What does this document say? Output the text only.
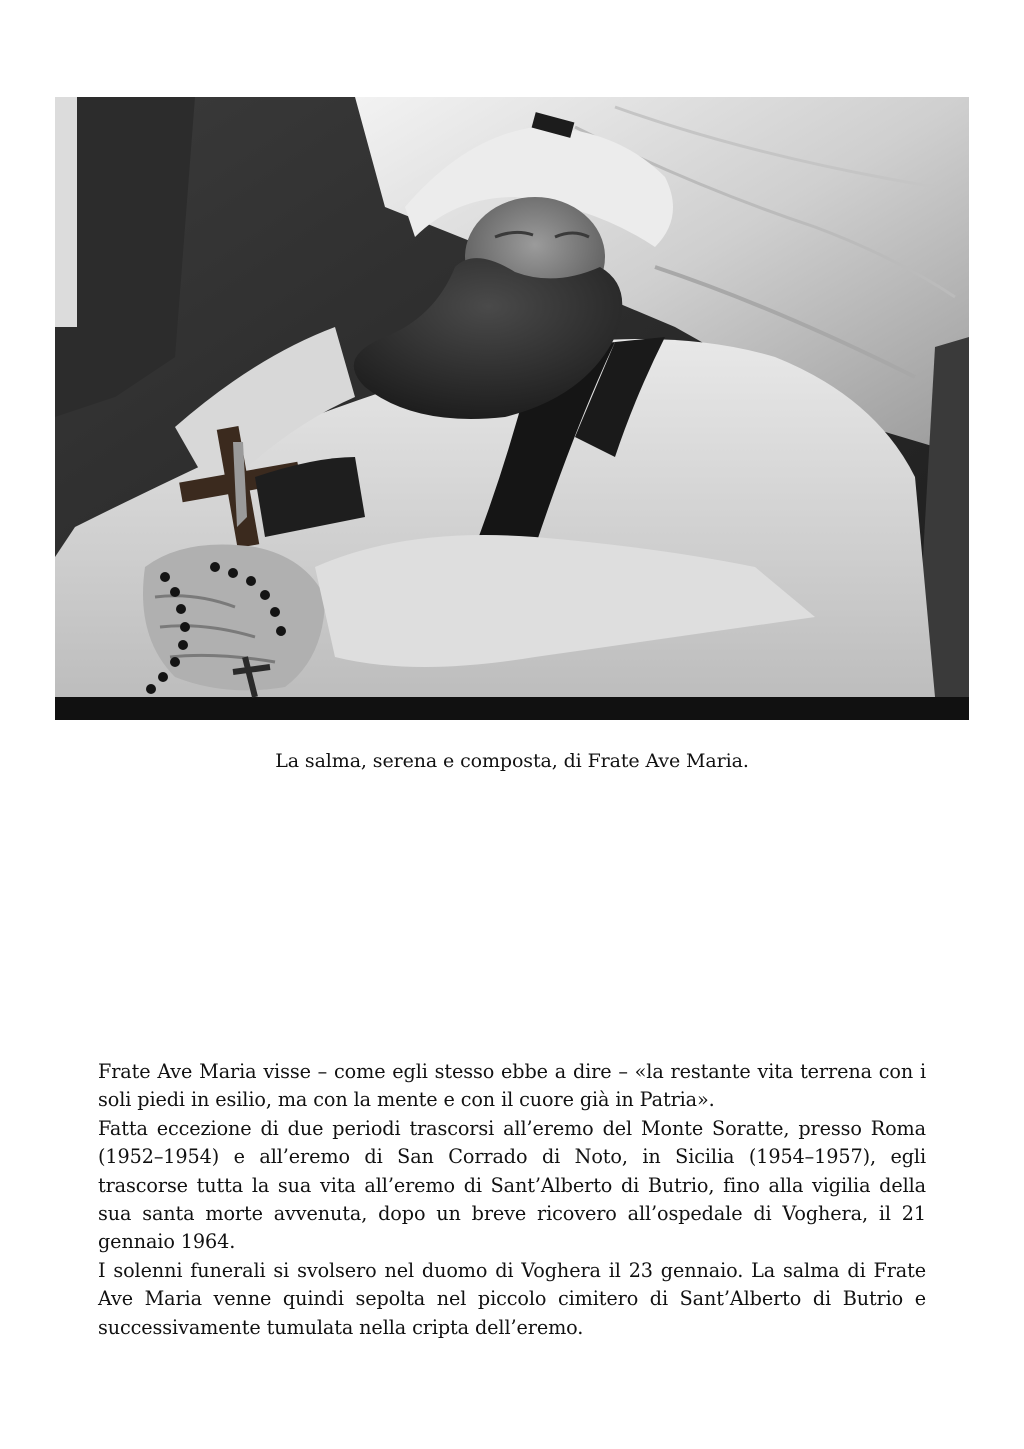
La salma, serena e composta, di Frate Ave Maria.

Frate Ave Maria visse – come egli stesso ebbe a dire – «la restante vita terrena con i soli piedi in esilio, ma con la mente e con il cuore già in Patria».

Fatta eccezione di due periodi trascorsi all’eremo del Monte Soratte, presso Roma (1952–1954) e all’eremo di San Corrado di Noto, in Sicilia (1954–1957), egli trascorse tutta la sua vita all’eremo di Sant’Alberto di Butrio, fino alla vigilia della sua santa morte avvenuta, dopo un breve ricovero all’ospedale di Voghera, il 21 gennaio 1964.

I solenni funerali si svolsero nel duomo di Voghera il 23 gennaio. La salma di Frate Ave Maria venne quindi sepolta nel piccolo cimitero di Sant’Alberto di Butrio e successivamente tumulata nella cripta dell’eremo.
